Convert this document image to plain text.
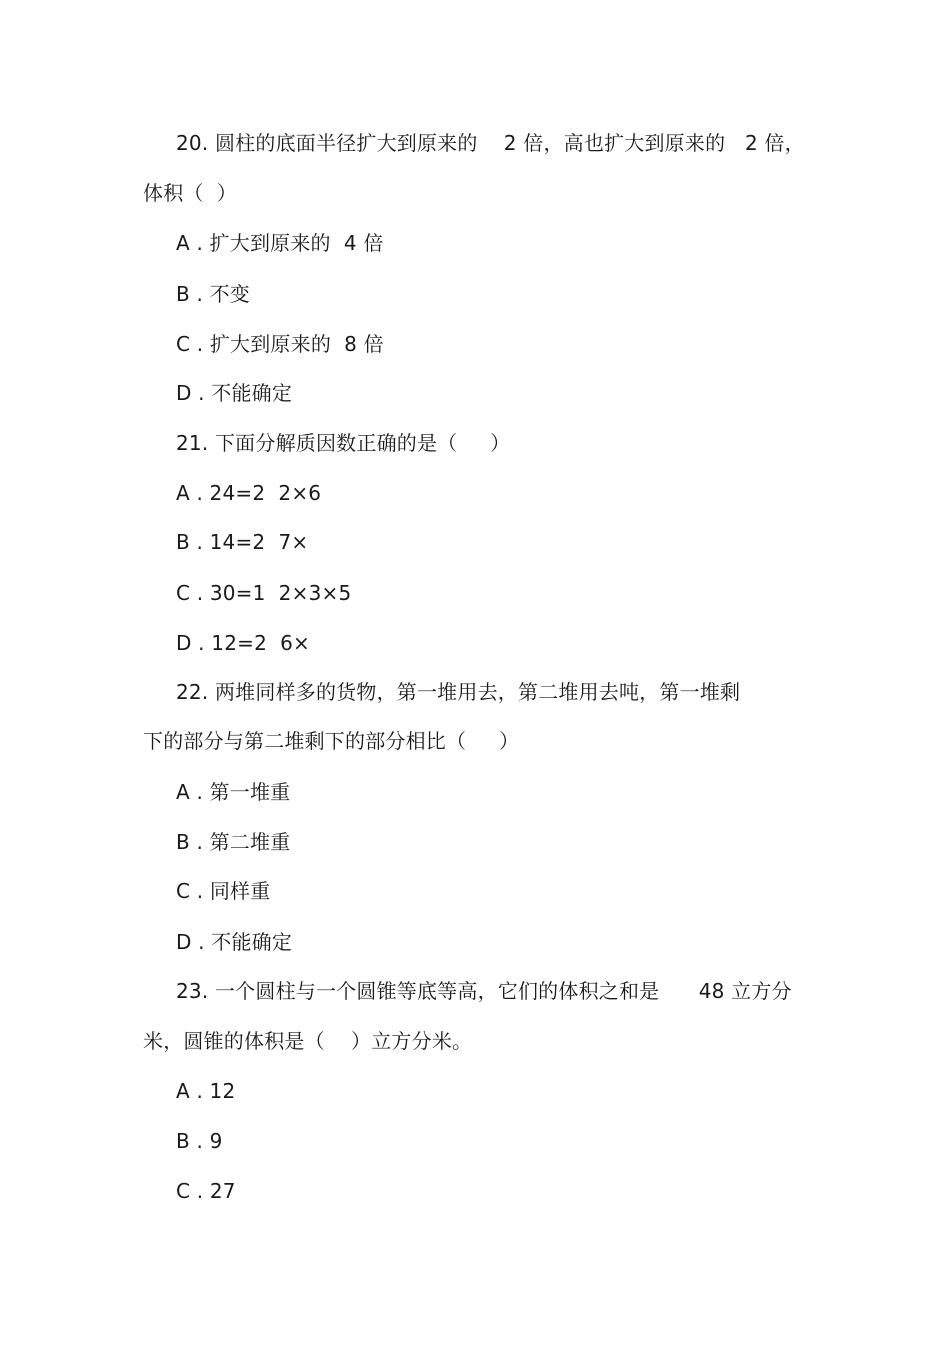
20. 圆柱的底面半径扩大到原来的    2 倍，高也扩大到原来的   2 倍，
体积（  ）
A . 扩大到原来的  4 倍
B . 不变
C . 扩大到原来的  8 倍
D . 不能确定
21. 下面分解质因数正确的是（     ）
A . 24=2  2×6
B . 14=2  7×
C . 30=1  2×3×5
D . 12=2  6×
22. 两堆同样多的货物，第一堆用去，第二堆用去吨，第一堆剩
下的部分与第二堆剩下的部分相比（     ）
A . 第一堆重
B . 第二堆重
C . 同样重
D . 不能确定
23. 一个圆柱与一个圆锥等底等高，它们的体积之和是      48 立方分
米，圆锥的体积是（    ）立方分米。
A . 12
B . 9
C . 27
